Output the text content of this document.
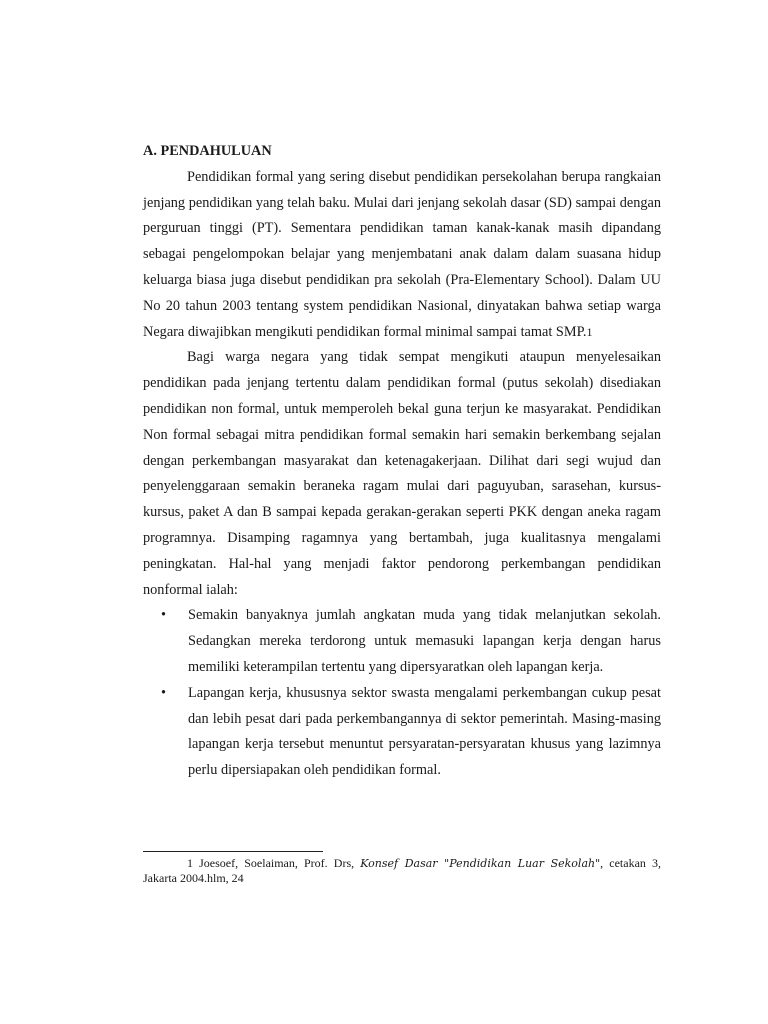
A. PENDAHULUAN

Pendidikan formal yang sering disebut pendidikan persekolahan berupa rangkaian jenjang pendidikan yang telah baku. Mulai dari jenjang sekolah dasar (SD) sampai dengan perguruan tinggi (PT). Sementara pendidikan taman kanak-kanak masih dipandang sebagai pengelompokan belajar yang menjembatani anak dalam dalam suasana hidup keluarga biasa juga disebut pendidikan pra sekolah (Pra-Elementary School). Dalam UU No 20 tahun 2003 tentang system pendidikan Nasional, dinyatakan bahwa setiap warga Negara diwajibkan mengikuti pendidikan formal minimal sampai tamat SMP.1

Bagi warga negara yang tidak sempat mengikuti ataupun menyelesaikan pendidikan pada jenjang tertentu dalam pendidikan formal (putus sekolah) disediakan pendidikan non formal, untuk memperoleh bekal guna terjun ke masyarakat. Pendidikan Non formal sebagai mitra pendidikan formal semakin hari semakin berkembang sejalan dengan perkembangan masyarakat dan ketenagakerjaan. Dilihat dari segi wujud dan penyelenggaraan semakin beraneka ragam mulai dari paguyuban, sarasehan, kursus-kursus, paket A dan B sampai kepada gerakan-gerakan seperti PKK dengan aneka ragam programnya. Disamping ragamnya yang bertambah, juga kualitasnya mengalami peningkatan. Hal-hal yang menjadi faktor pendorong perkembangan pendidikan nonformal ialah:

• Semakin banyaknya jumlah angkatan muda yang tidak melanjutkan sekolah. Sedangkan mereka terdorong untuk memasuki lapangan kerja dengan harus memiliki keterampilan tertentu yang dipersyaratkan oleh lapangan kerja.
• Lapangan kerja, khususnya sektor swasta mengalami perkembangan cukup pesat dan lebih pesat dari pada perkembangannya di sektor pemerintah. Masing-masing lapangan kerja tersebut menuntut persyaratan-persyaratan khusus yang lazimnya perlu dipersiapakan oleh pendidikan formal.
1 Joesoef, Soelaiman, Prof. Drs, Konsef Dasar "Pendidikan Luar Sekolah", cetakan 3, Jakarta 2004.hlm, 24
